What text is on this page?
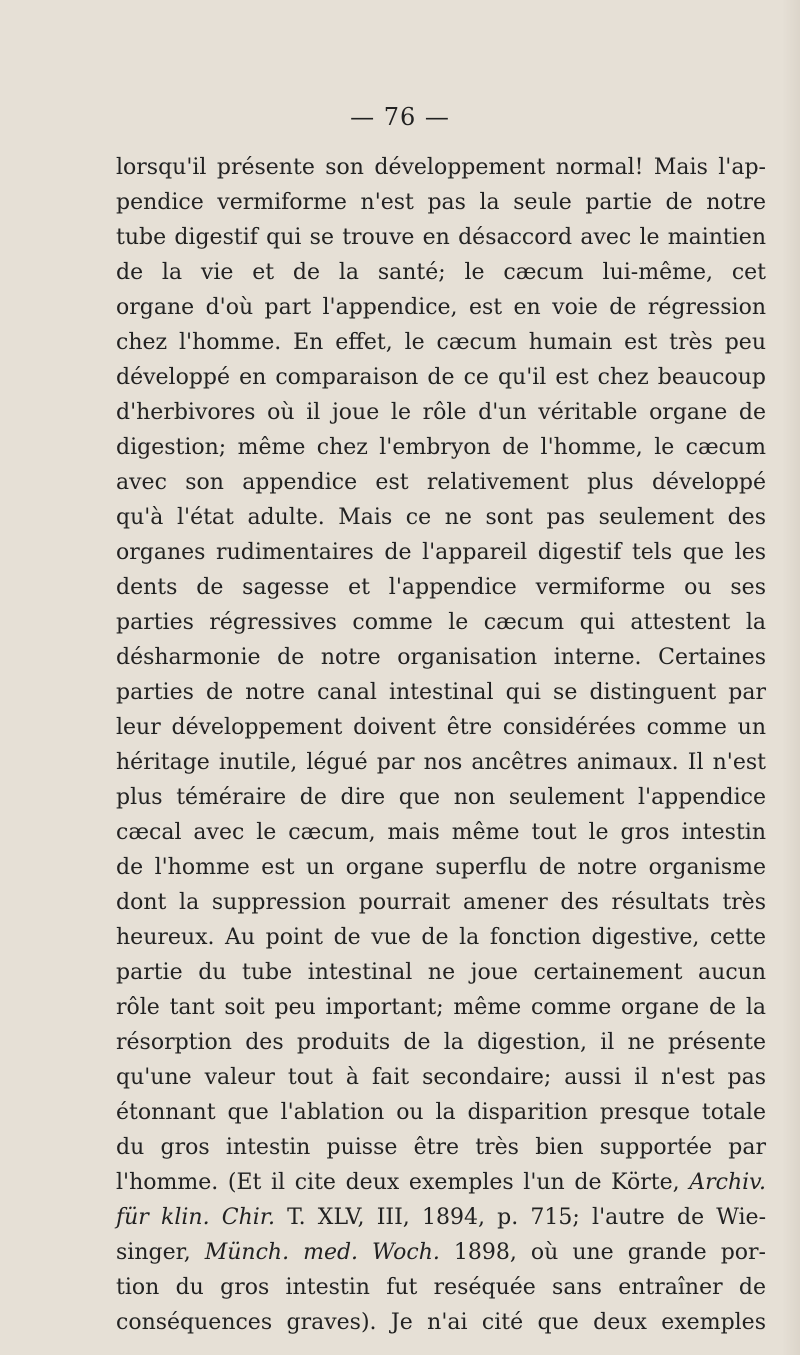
— 76 —
lorsqu'il présente son développement normal! Mais l'ap-
pendice vermiforme n'est pas la seule partie de notre
tube digestif qui se trouve en désaccord avec le maintien
de la vie et de la santé; le cæcum lui-même, cet
organe d'où part l'appendice, est en voie de régression
chez l'homme. En effet, le cæcum humain est très peu
développé en comparaison de ce qu'il est chez beaucoup
d'herbivores où il joue le rôle d'un véritable organe de
digestion; même chez l'embryon de l'homme, le cæcum
avec son appendice est relativement plus développé
qu'à l'état adulte. Mais ce ne sont pas seulement des
organes rudimentaires de l'appareil digestif tels que les
dents de sagesse et l'appendice vermiforme ou ses
parties régressives comme le cæcum qui attestent la
désharmonie de notre organisation interne. Certaines
parties de notre canal intestinal qui se distinguent par
leur développement doivent être considérées comme un
héritage inutile, légué par nos ancêtres animaux. Il n'est
plus téméraire de dire que non seulement l'appendice
cæcal avec le cæcum, mais même tout le gros intestin
de l'homme est un organe superflu de notre organisme
dont la suppression pourrait amener des résultats très
heureux. Au point de vue de la fonction digestive, cette
partie du tube intestinal ne joue certainement aucun
rôle tant soit peu important; même comme organe de la
résorption des produits de la digestion, il ne présente
qu'une valeur tout à fait secondaire; aussi il n'est pas
étonnant que l'ablation ou la disparition presque totale
du gros intestin puisse être très bien supportée par
l'homme. (Et il cite deux exemples l'un de Körte, Archiv.
für klin. Chir. T. XLV, III, 1894, p. 715; l'autre de Wie-
singer, Münch. med. Woch. 1898, où une grande por-
tion du gros intestin fut reséquée sans entraîner de
conséquences graves). Je n'ai cité que deux exemples
